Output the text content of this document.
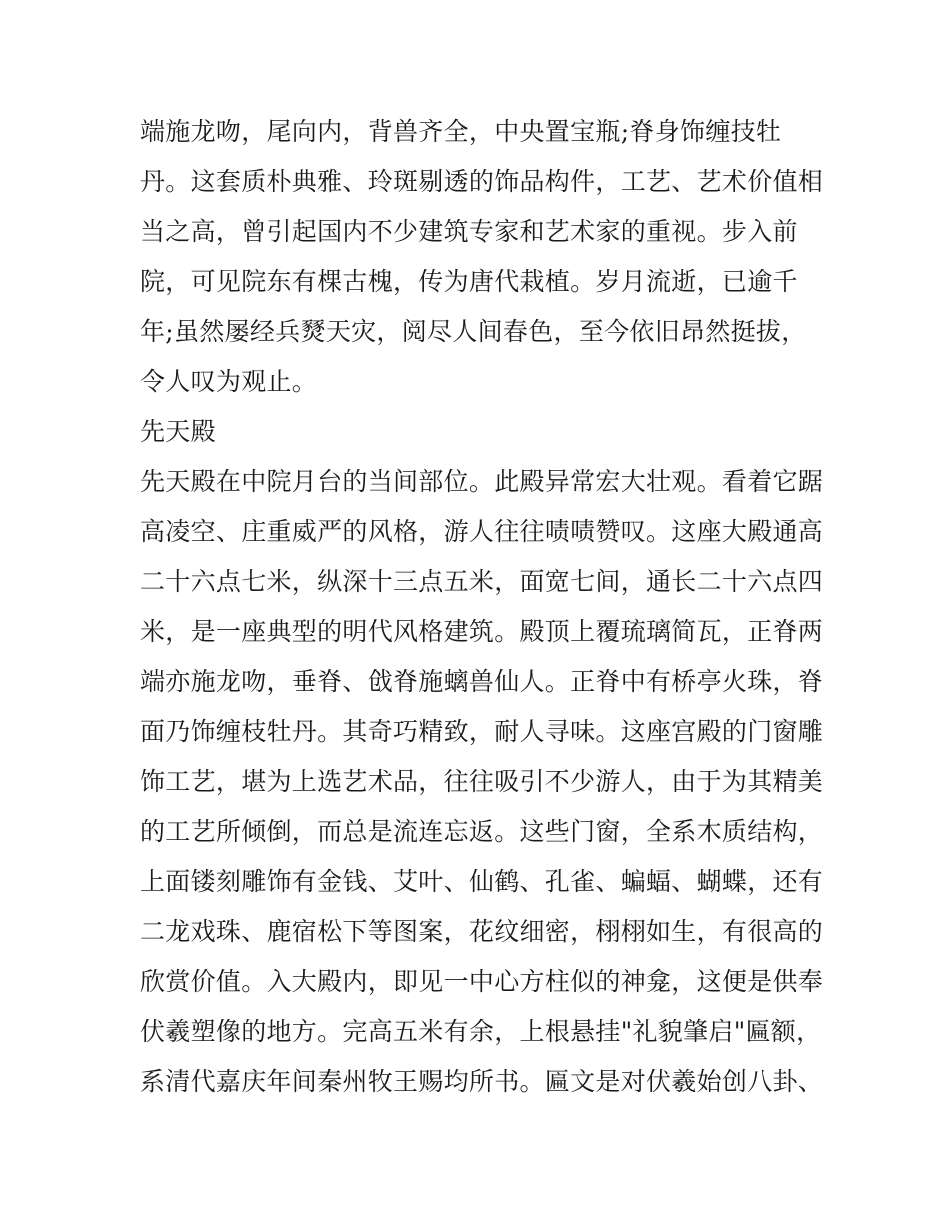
端施龙吻，尾向内，背兽齐全，中央置宝瓶;脊身饰缠技牡
丹。这套质朴典雅、玲斑剔透的饰品构件，工艺、艺术价值相
当之高，曾引起国内不少建筑专家和艺术家的重视。步入前
院，可见院东有棵古槐，传为唐代栽植。岁月流逝，已逾千
年;虽然屡经兵燹天灾，阅尽人间春色，至今依旧昂然挺拔，
令人叹为观止。
先天殿
先天殿在中院月台的当间部位。此殿异常宏大壮观。看着它踞
高凌空、庄重威严的风格，游人往往啧啧赞叹。这座大殿通高
二十六点七米，纵深十三点五米，面宽七间，通长二十六点四
米，是一座典型的明代风格建筑。殿顶上覆琉璃简瓦，正脊两
端亦施龙吻，垂脊、戗脊施螭兽仙人。正脊中有桥亭火珠，脊
面乃饰缠枝牡丹。其奇巧精致，耐人寻味。这座宫殿的门窗雕
饰工艺，堪为上选艺术品，往往吸引不少游人，由于为其精美
的工艺所倾倒，而总是流连忘返。这些门窗，全系木质结构，
上面镂刻雕饰有金钱、艾叶、仙鹤、孔雀、蝙蝠、蝴蝶，还有
二龙戏珠、鹿宿松下等图案，花纹细密，栩栩如生，有很高的
欣赏价值。入大殿内，即见一中心方柱似的神龛，这便是供奉
伏羲塑像的地方。完高五米有余，上根悬挂"礼貌肇启"匾额，
系清代嘉庆年间秦州牧王赐均所书。匾文是对伏羲始创八卦、
